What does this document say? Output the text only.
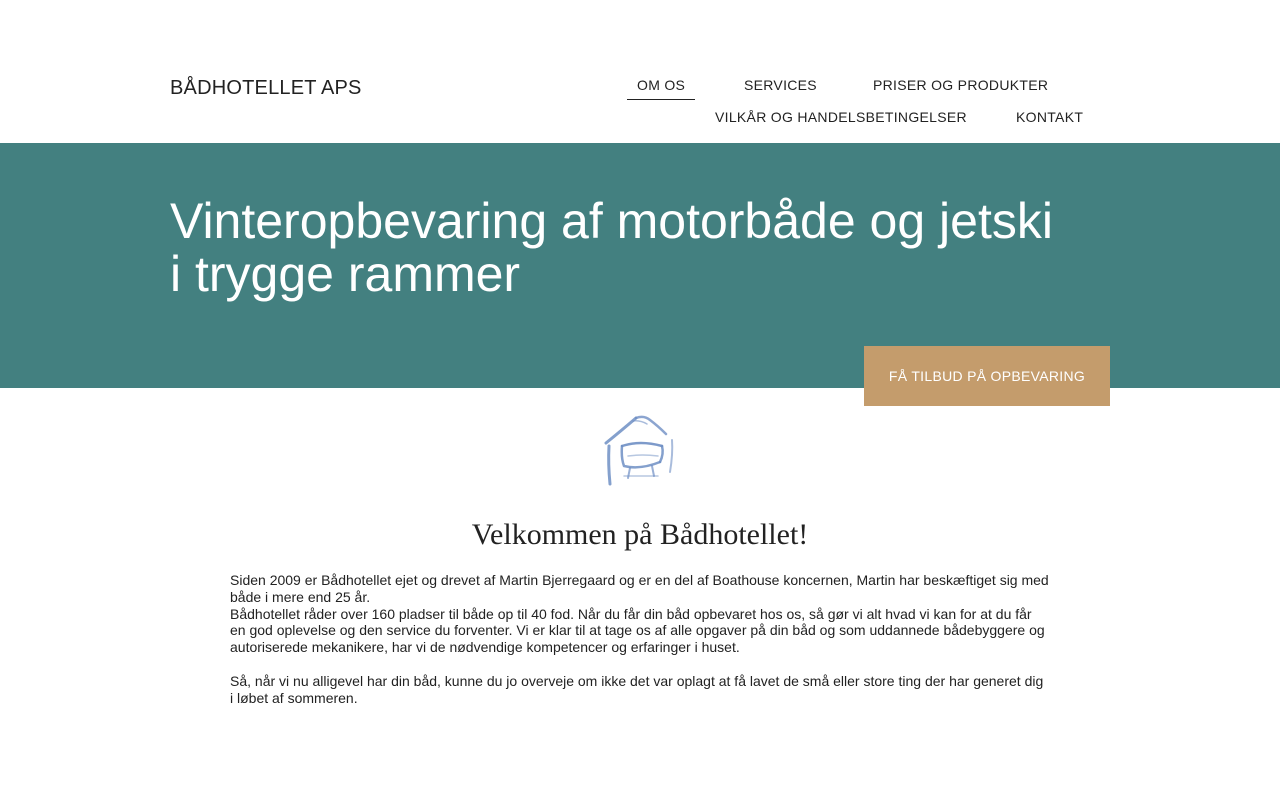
BÅDHOTELLET APS	OM OS	SERVICES	PRISER OG PRODUKTER
VILKÅR OG HANDELSBETINGELSER	KONTAKT
Vinteropbevaring af motorbåde og jetski
i trygge rammer
FÅ TILBUD PÅ OPBEVARING
Velkommen på Bådhotellet!

Siden 2009 er Bådhotellet ejet og drevet af Martin Bjerregaard og er en del af Boathouse koncernen, Martin har beskæftiget sig med både i mere end 25 år.

Bådhotellet råder over 160 pladser til både op til 40 fod. Når du får din båd opbevaret hos os, så gør vi alt hvad vi kan for at du får en god oplevelse og den service du forventer. Vi er klar til at tage os af alle opgaver på din båd og som uddannede bådebyggere og autoriserede mekanikere, har vi de nødvendige kompetencer og erfaringer i huset.

Så, når vi nu alligevel har din båd, kunne du jo overveje om ikke det var oplagt at få lavet de små eller store ting der har generet dig i løbet af sommeren.
